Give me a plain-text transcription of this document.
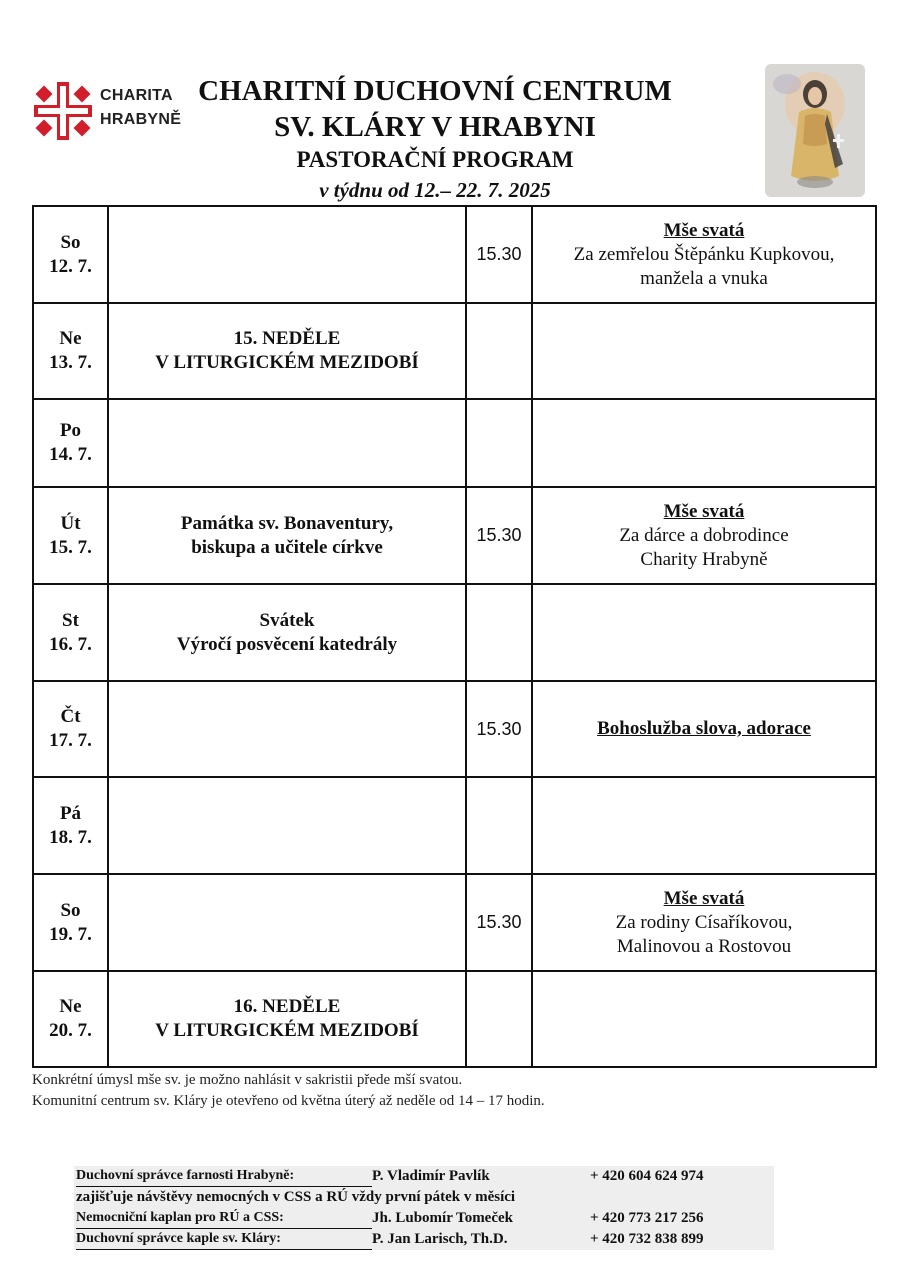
CHARITA
HRABYNĚ
CHARITNÍ DUCHOVNÍ CENTRUM
SV. KLÁRY V HRABYNI
PASTORAČNÍ PROGRAM
v týdnu od 12.– 22. 7. 2025
So
12. 7.		15.30	Mše svatá
Za zemřelou Štěpánku Kupkovou,
manžela a vnuka
Ne
13. 7.	15. NEDĚLE
V LITURGICKÉM MEZIDOBÍ		
Po
14. 7.			
Út
15. 7.	Památka sv. Bonaventury,
biskupa a učitele církve	15.30	Mše svatá
Za dárce a dobrodince
Charity Hrabyně
St
16. 7.	Svátek
Výročí posvěcení katedrály		
Čt
17. 7.		15.30	Bohoslužba slova, adorace
Pá
18. 7.			
So
19. 7.		15.30	Mše svatá
Za rodiny Císaříkovou,
Malinovou a Rostovou
Ne
20. 7.	16. NEDĚLE
V LITURGICKÉM MEZIDOBÍ		
Konkrétní úmysl mše sv. je možno nahlásit v sakristii přede mší svatou.
Komunitní centrum sv. Kláry je otevřeno od května úterý až neděle od 14 – 17 hodin.
Duchovní správce farnosti Hrabyně:	P. Vladimír Pavlík	+ 420 604 624 974
zajišťuje návštěvy nemocných v CSS a RÚ vždy první pátek v měsíci
Nemocniční kaplan pro RÚ a CSS:	Jh. Lubomír Tomeček	+ 420 773 217 256
Duchovní správce kaple sv. Kláry:	P. Jan Larisch, Th.D.	+ 420 732 838 899
